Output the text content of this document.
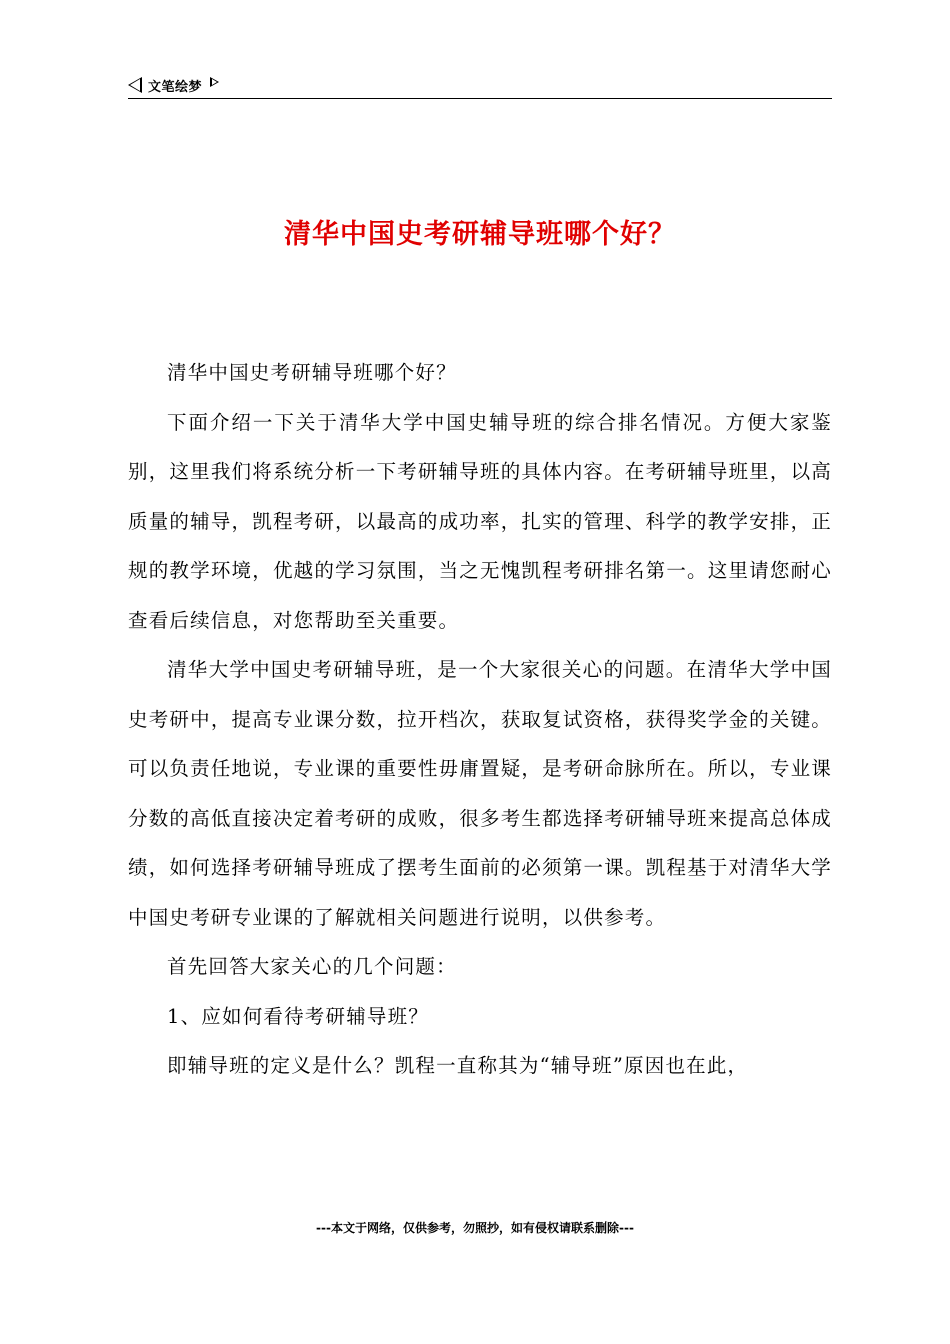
文笔绘梦
清华中国史考研辅导班哪个好？

清华中国史考研辅导班哪个好？

下面介绍一下关于清华大学中国史辅导班的综合排名情况。方便大家鉴别，这里我们将系统分析一下考研辅导班的具体内容。在考研辅导班里，以高质量的辅导，凯程考研，以最高的成功率，扎实的管理、科学的教学安排，正规的教学环境，优越的学习氛围，当之无愧凯程考研排名第一。这里请您耐心查看后续信息，对您帮助至关重要。

清华大学中国史考研辅导班，是一个大家很关心的问题。在清华大学中国史考研中，提高专业课分数，拉开档次，获取复试资格，获得奖学金的关键。可以负责任地说，专业课的重要性毋庸置疑，是考研命脉所在。所以，专业课分数的高低直接决定着考研的成败，很多考生都选择考研辅导班来提高总体成绩，如何选择考研辅导班成了摆考生面前的必须第一课。凯程基于对清华大学中国史考研专业课的了解就相关问题进行说明，以供参考。

首先回答大家关心的几个问题：

1、应如何看待考研辅导班？

即辅导班的定义是什么？凯程一直称其为“辅导班”原因也在此，

---本文于网络，仅供参考，勿照抄，如有侵权请联系删除---
